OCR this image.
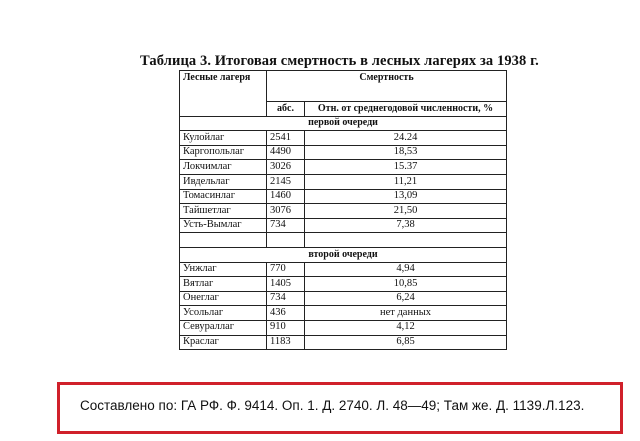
Таблица 3. Итоговая смертность в лесных лагерях за 1938 г.
Лесные лагеря	Смертность	
	абс.	Отн. от среднегодовой численности, %
первой очереди		
Кулойлаг	2541	24.24
Каргопольлаг	4490	18,53
Локчимлаг	3026	15.37
Ивдельлаг	2145	11,21
Томасинлаг	1460	13,09
Тайшетлаг	3076	21,50
Усть-Вымлаг	734	7,38

второй очереди		
Унжлаг	770	4,94
Вятлаг	1405	10,85
Онеглаг	734	6,24
Усольлаг	436	нет данных
Севураллаг	910	4,12
Краслаг	1183	6,85
Составлено по: ГА РФ. Ф. 9414. Оп. 1. Д. 2740. Л. 48—49; Там же. Д. 1139.Л.123.
